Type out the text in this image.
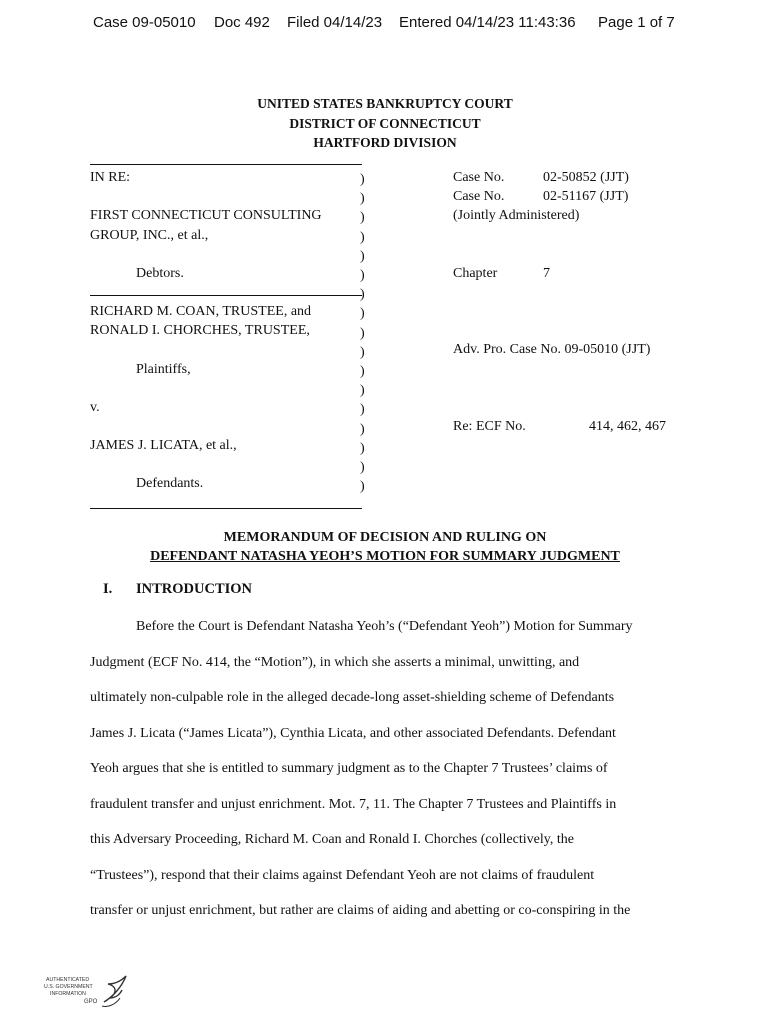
Case 09-05010 Doc 492 Filed 04/14/23 Entered 04/14/23 11:43:36 Page 1 of 7
UNITED STATES BANKRUPTCY COURT
DISTRICT OF CONNECTICUT
HARTFORD DIVISION
IN RE:
FIRST CONNECTICUT CONSULTING
GROUP, INC., et al.,
Debtors.
RICHARD M. COAN, TRUSTEE, and
RONALD I. CHORCHES, TRUSTEE,
Plaintiffs,
v.
JAMES J. LICATA, et al.,
Defendants.
)
)
)
)
)
)
)
)
)
)
)
)
)
)
)
)
)
Case No.	02-50852 (JJT)
Case No.	02-51167 (JJT)
(Jointly Administered)
Chapter	7
Adv. Pro. Case No. 09-05010 (JJT)
Re: ECF No.	414, 462, 467
MEMORANDUM OF DECISION AND RULING ON
DEFENDANT NATASHA YEOH’S MOTION FOR SUMMARY JUDGMENT
I. INTRODUCTION

Before the Court is Defendant Natasha Yeoh’s (“Defendant Yeoh”) Motion for Summary

Judgment (ECF No. 414, the “Motion”), in which she asserts a minimal, unwitting, and

ultimately non-culpable role in the alleged decade-long asset-shielding scheme of Defendants

James J. Licata (“James Licata”), Cynthia Licata, and other associated Defendants. Defendant

Yeoh argues that she is entitled to summary judgment as to the Chapter 7 Trustees’ claims of

fraudulent transfer and unjust enrichment. Mot. 7, 11. The Chapter 7 Trustees and Plaintiffs in

this Adversary Proceeding, Richard M. Coan and Ronald I. Chorches (collectively, the

“Trustees”), respond that their claims against Defendant Yeoh are not claims of fraudulent

transfer or unjust enrichment, but rather are claims of aiding and abetting or co-conspiring in the

AUTHENTICATED
U.S. GOVERNMENT
INFORMATION
GPO
